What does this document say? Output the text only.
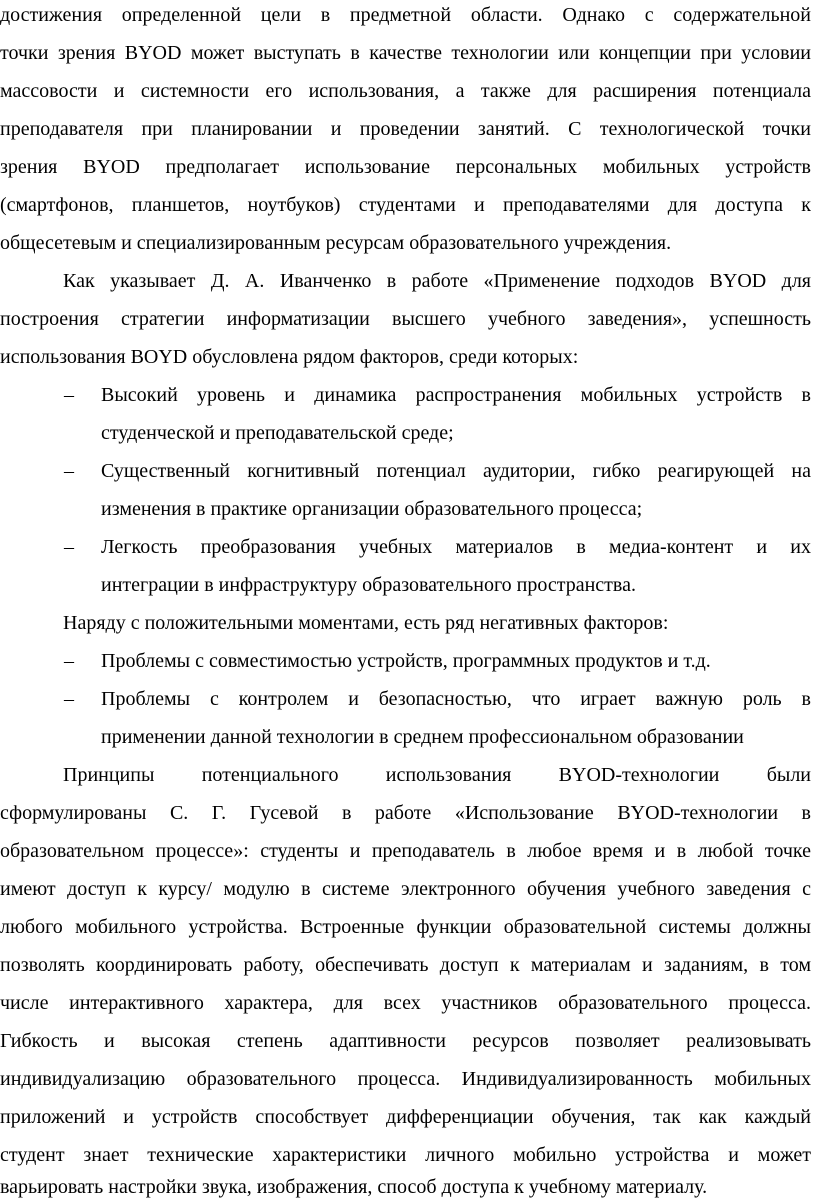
достижения определенной цели в предметной области. Однако с содержательной
точки зрения BYOD может выступать в качестве технологии или концепции при условии
массовости и системности его использования, а также для расширения потенциала
преподавателя при планировании и проведении занятий. С технологической точки
зрения BYOD предполагает использование персональных мобильных устройств
(смартфонов, планшетов, ноутбуков) студентами и преподавателями для доступа к
общесетевым и специализированным ресурсам образовательного учреждения.
Как указывает Д. А. Иванченко в работе «Применение подходов BYOD для
построения стратегии информатизации высшего учебного заведения», успешность
использования BOYD обусловлена рядом факторов, среди которых:
–	Высокий уровень и динамика распространения мобильных устройств в
студенческой и преподавательской среде;
–	Существенный когнитивный потенциал аудитории, гибко реагирующей на
изменения в практике организации образовательного процесса;
–	Легкость преобразования учебных материалов в медиа-контент и их
интеграции в инфраструктуру образовательного пространства.
Наряду с положительными моментами, есть ряд негативных факторов:
–	Проблемы с совместимостью устройств, программных продуктов и т.д.
–	Проблемы с контролем и безопасностью, что играет важную роль в
применении данной технологии в среднем профессиональном образовании
Принципы потенциального использования BYOD-технологии были
сформулированы С. Г. Гусевой в работе «Использование BYOD-технологии в
образовательном процессе»: студенты и преподаватель в любое время и в любой точке
имеют доступ к курсу/ модулю в системе электронного обучения учебного заведения с
любого мобильного устройства. Встроенные функции образовательной системы должны
позволять координировать работу, обеспечивать доступ к материалам и заданиям, в том
числе интерактивного характера, для всех участников образовательного процесса.
Гибкость и высокая степень адаптивности ресурсов позволяет реализовывать
индивидуализацию образовательного процесса. Индивидуализированность мобильных
приложений и устройств способствует дифференциации обучения, так как каждый
студент знает технические характеристики личного мобильно устройства и может
варьировать настройки звука, изображения, способ доступа к учебному материалу.
